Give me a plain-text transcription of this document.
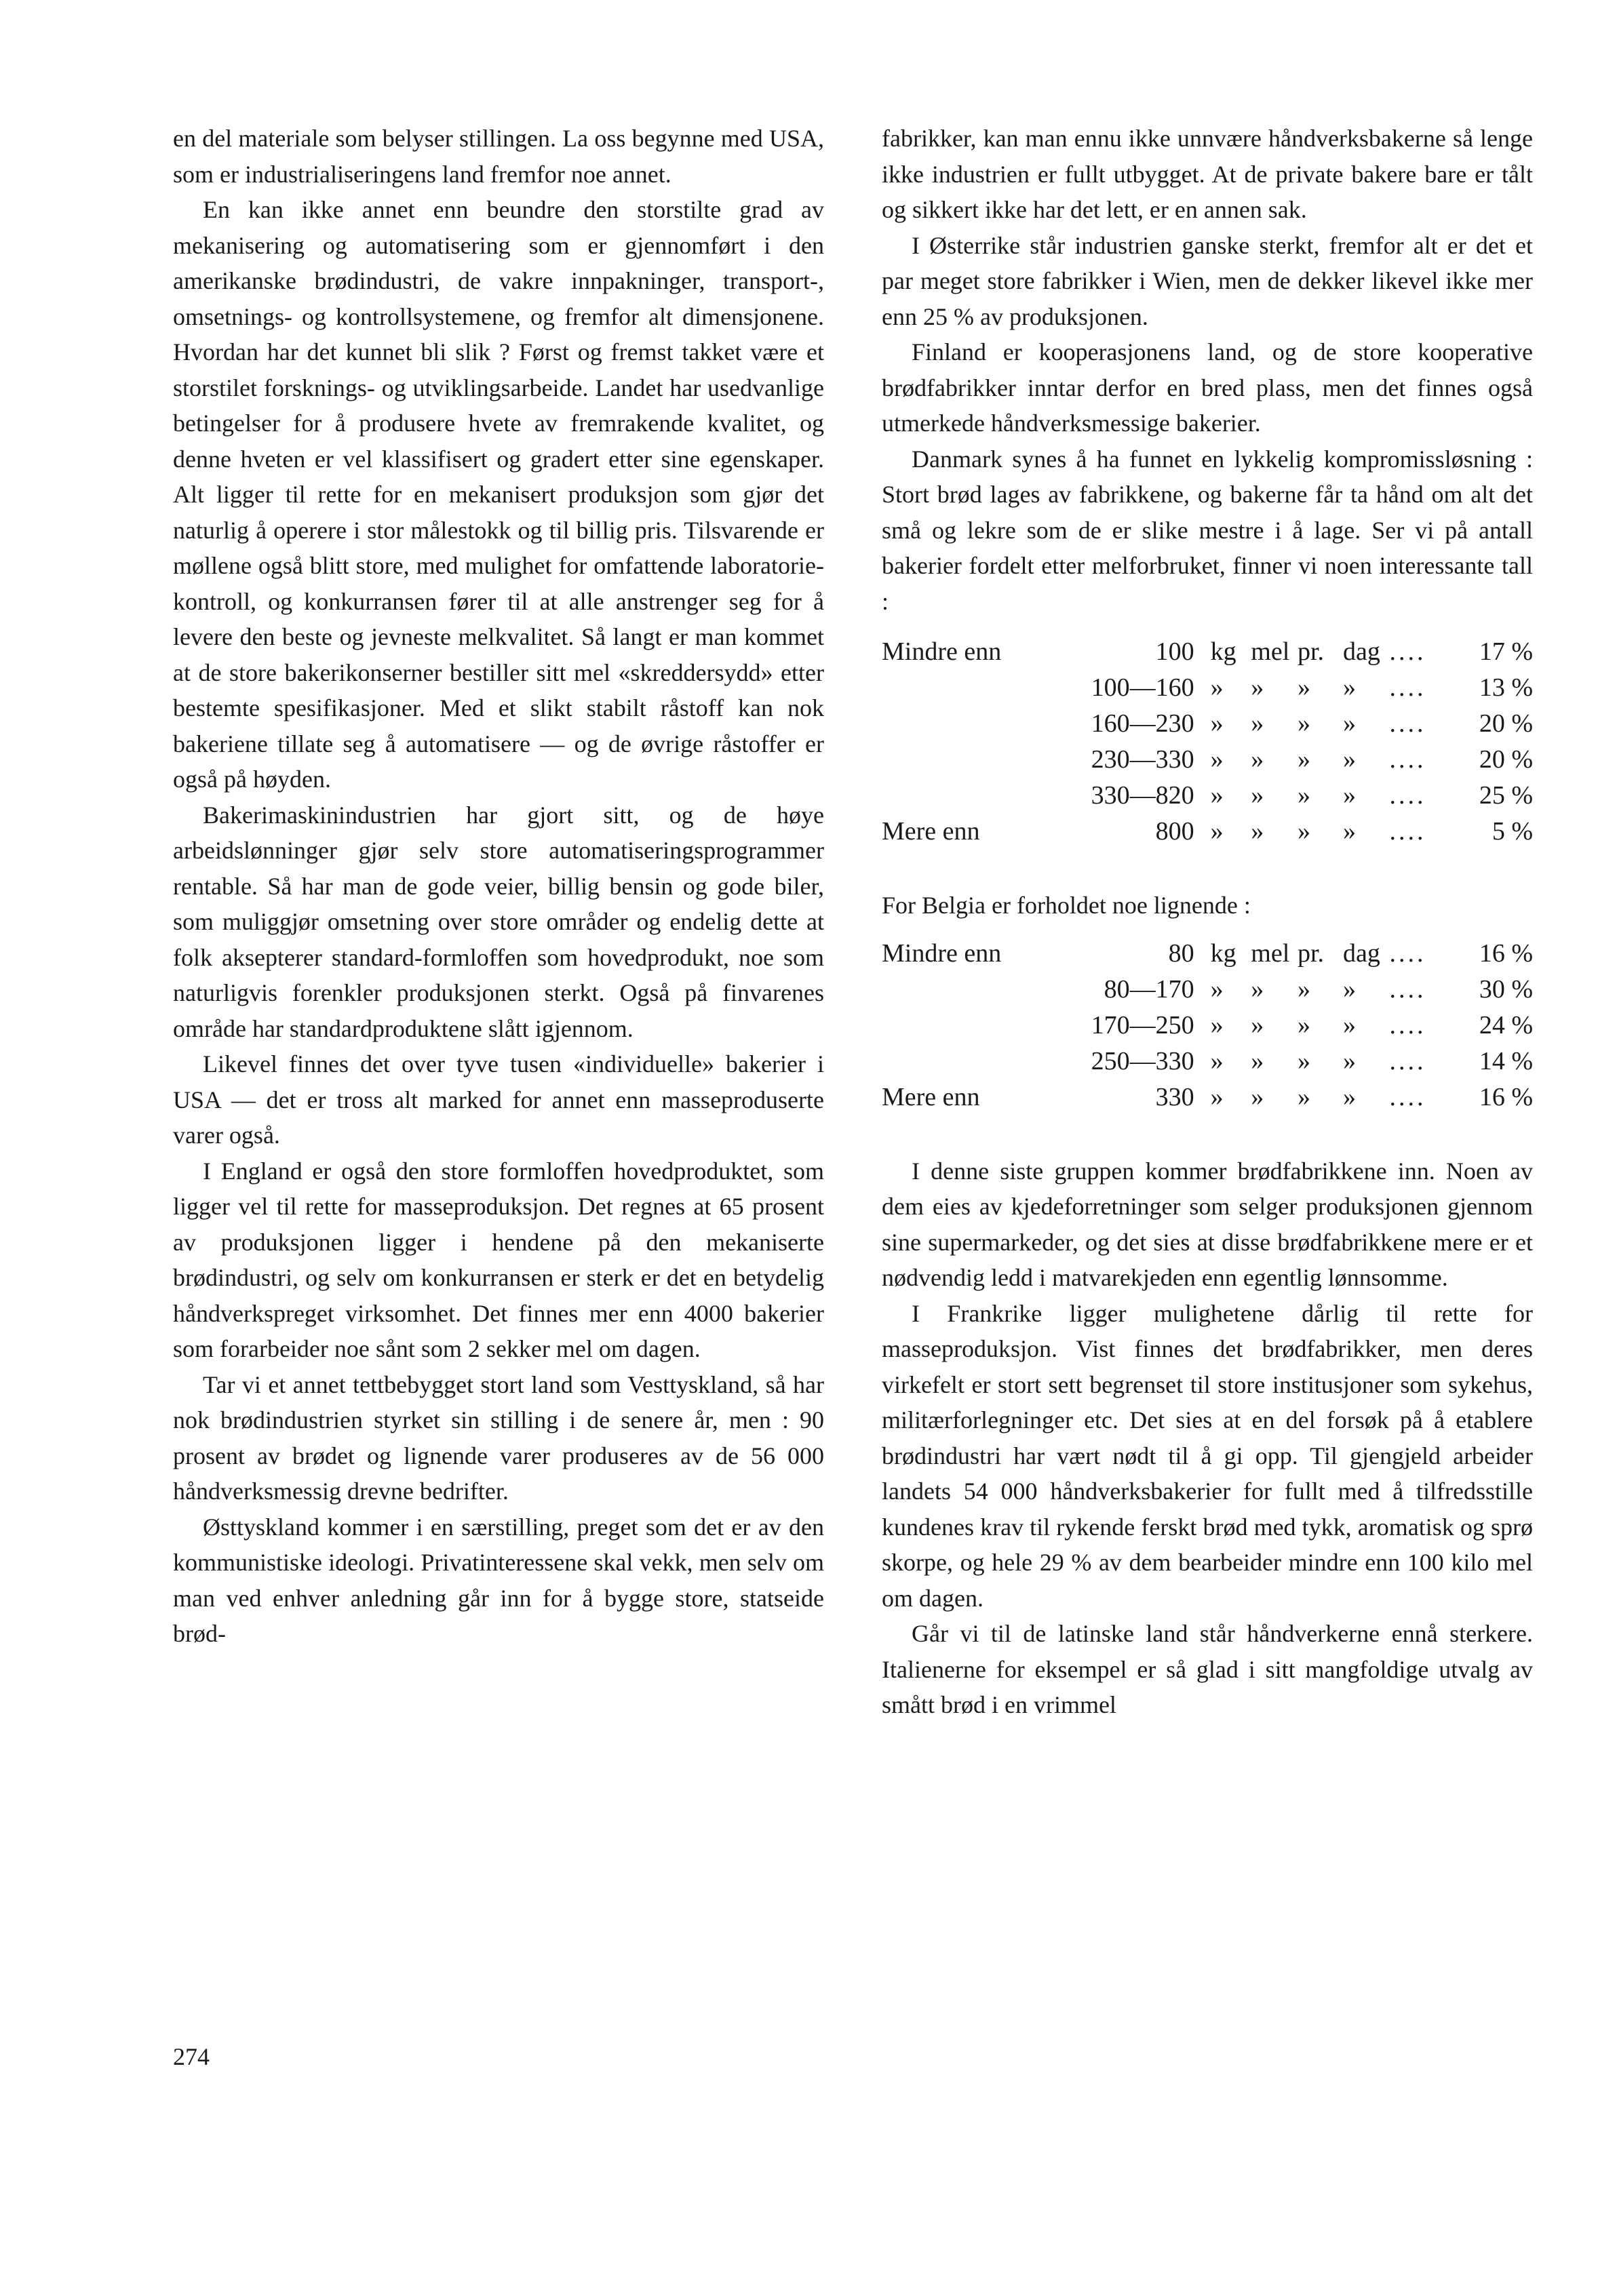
en del materiale som belyser stillingen. La oss begynne med USA, som er industrialiseringens land fremfor noe annet.

En kan ikke annet enn beundre den storstilte grad av mekanisering og automatisering som er gjennomført i den amerikanske brødindustri, de vakre innpakninger, transport-, omsetnings- og kontrollsystemene, og fremfor alt dimensjonene. Hvordan har det kunnet bli slik ? Først og fremst takket være et storstilet forsknings- og utviklingsarbeide. Landet har usedvanlige betingelser for å produsere hvete av fremrakende kvalitet, og denne hveten er vel klassifisert og gradert etter sine egenskaper. Alt ligger til rette for en mekanisert produksjon som gjør det naturlig å operere i stor målestokk og til billig pris. Tilsvarende er møllene også blitt store, med mulighet for omfattende laboratoriekontroll, og konkurransen fører til at alle anstrenger seg for å levere den beste og jevneste melkvalitet. Så langt er man kommet at de store bakerikonserner bestiller sitt mel «skreddersydd» etter bestemte spesifikasjoner. Med et slikt stabilt råstoff kan nok bakeriene tillate seg å automatisere — og de øvrige råstoffer er også på høyden.

Bakerimaskinindustrien har gjort sitt, og de høye arbeidslønninger gjør selv store automatiseringsprogrammer rentable. Så har man de gode veier, billig bensin og gode biler, som muliggjør omsetning over store områder og endelig dette at folk aksepterer standard-formloffen som hovedprodukt, noe som naturligvis forenkler produksjonen sterkt. Også på finvarenes område har standardproduktene slått igjennom.

Likevel finnes det over tyve tusen «individuelle» bakerier i USA — det er tross alt marked for annet enn masseproduserte varer også.

I England er også den store formloffen hovedproduktet, som ligger vel til rette for masseproduksjon. Det regnes at 65 prosent av produksjonen ligger i hendene på den mekaniserte brødindustri, og selv om konkurransen er sterk er det en betydelig håndverkspreget virksomhet. Det finnes mer enn 4000 bakerier som forarbeider noe sånt som 2 sekker mel om dagen.

Tar vi et annet tettbebygget stort land som Vesttyskland, så har nok brødindustrien styrket sin stilling i de senere år, men : 90 prosent av brødet og lignende varer produseres av de 56 000 håndverksmessig drevne bedrifter.

Østtyskland kommer i en særstilling, preget som det er av den kommunistiske ideologi. Privatinteressene skal vekk, men selv om man ved enhver anledning går inn for å bygge store, statseide brød-

fabrikker, kan man ennu ikke unnvære håndverksbakerne så lenge ikke industrien er fullt utbygget. At de private bakere bare er tålt og sikkert ikke har det lett, er en annen sak.

I Østerrike står industrien ganske sterkt, fremfor alt er det et par meget store fabrikker i Wien, men de dekker likevel ikke mer enn 25 % av produksjonen.

Finland er kooperasjonens land, og de store kooperative brødfabrikker inntar derfor en bred plass, men det finnes også utmerkede håndverksmessige bakerier.

Danmark synes å ha funnet en lykkelig kompromissløsning : Stort brød lages av fabrikkene, og bakerne får ta hånd om alt det små og lekre som de er slike mestre i å lage. Ser vi på antall bakerier fordelt etter melforbruket, finner vi noen interessante tall :

Mindre enn	100	kg	mel	pr.	dag	....	17 %
	100—160	»	»	»	»	....	13 %
	160—230	»	»	»	»	....	20 %
	230—330	»	»	»	»	....	20 %
	330—820	»	»	»	»	....	25 %
Mere enn	800	»	»	»	»	....	5 %

For Belgia er forholdet noe lignende :

Mindre enn	80	kg	mel	pr.	dag	....	16 %
	80—170	»	»	»	»	....	30 %
	170—250	»	»	»	»	....	24 %
	250—330	»	»	»	»	....	14 %
Mere enn	330	»	»	»	»	....	16 %

I denne siste gruppen kommer brødfabrikkene inn. Noen av dem eies av kjedeforretninger som selger produksjonen gjennom sine supermarkeder, og det sies at disse brødfabrikkene mere er et nødvendig ledd i matvarekjeden enn egentlig lønnsomme.

I Frankrike ligger mulighetene dårlig til rette for masseproduksjon. Vist finnes det brødfabrikker, men deres virkefelt er stort sett begrenset til store institusjoner som sykehus, militærforlegninger etc. Det sies at en del forsøk på å etablere brødindustri har vært nødt til å gi opp. Til gjengjeld arbeider landets 54 000 håndverksbakerier for fullt med å tilfredsstille kundenes krav til rykende ferskt brød med tykk, aromatisk og sprø skorpe, og hele 29 % av dem bearbeider mindre enn 100 kilo mel om dagen.

Går vi til de latinske land står håndverkerne ennå sterkere. Italienerne for eksempel er så glad i sitt mangfoldige utvalg av smått brød i en vrimmel

274
